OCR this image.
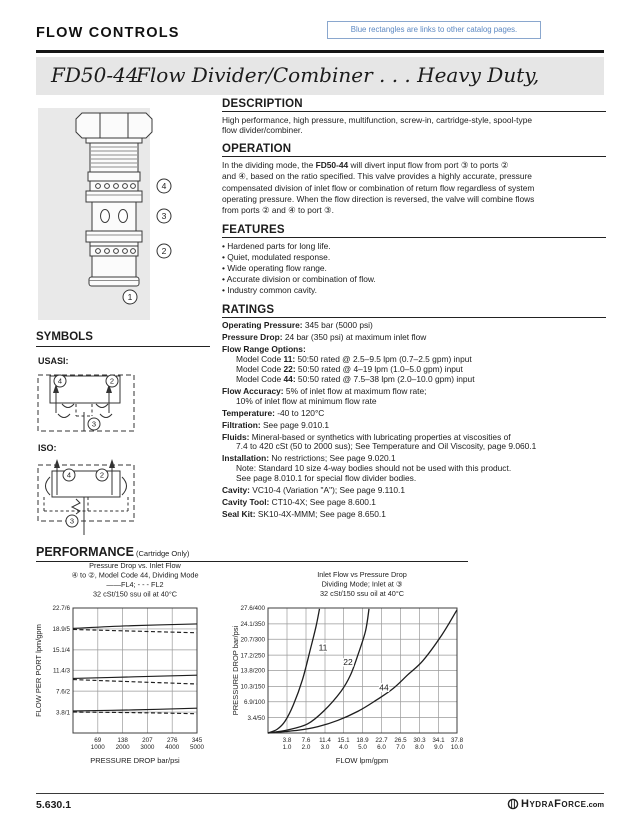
FLOW CONTROLS	Blue rectangles are links to other catalog pages.
FD50-44
Flow Divider/Combiner . . . Heavy Duty,
4
3
2
1
SYMBOLS
USASI:
4	2
3
ISO:
4	2
3
DESCRIPTION
High performance, high pressure, multifunction, screw-in, cartridge-style, spool-type
flow divider/combiner.
OPERATION
In the dividing mode, the FD50-44 will divert input flow from port ③ to ports ②
and ④, based on the ratio specified. This valve provides a highly accurate, pressure
compensated division of inlet flow or combination of return flow regardless of system
operating pressure. When the flow direction is reversed, the valve will combine flows
from ports ② and ④ to port ③.
FEATURES
• Hardened parts for long life.
• Quiet, modulated response.
• Wide operating flow range.
• Accurate division or combination of flow.
• Industry common cavity.
RATINGS
Operating Pressure: 345 bar (5000 psi)
Pressure Drop: 24 bar (350 psi) at maximum inlet flow
Flow Range Options:
Model Code 11: 50:50 rated @ 2.5–9.5 lpm (0.7–2.5 gpm) input
Model Code 22: 50:50 rated @ 4–19 lpm (1.0–5.0 gpm) input
Model Code 44: 50:50 rated @ 7.5–38 lpm (2.0–10.0 gpm) input
Flow Accuracy: 5% of inlet flow at maximum flow rate;
10% of inlet flow at minimum flow rate
Temperature: -40 to 120°C
Filtration: See page 9.010.1
Fluids: Mineral-based or synthetics with lubricating properties at viscosities of
7.4 to 420 cSt (50 to 2000 sus); See Temperature and Oil Viscosity, page 9.060.1
Installation: No restrictions; See page 9.020.1
Note: Standard 10 size 4-way bodies should not be used with this product.
See page 8.010.1 for special flow divider bodies.
Cavity: VC10-4 (Variation "A"); See page 9.110.1
Cavity Tool: CT10-4X; See page 8.600.1
Seal Kit: SK10-4X-MMM; See page 8.650.1
PERFORMANCE (Cartridge Only)
Pressure Drop vs. Inlet Flow
④ to ②, Model Code 44, Dividing Mode
——FL4; - - - FL2
32 cSt/150 ssu oil at 40°C
69
1000
138
2000
207
3000
276
4000
345
5000
22.7/6
18.9/5
15.1/4
11.4/3
7.6/2
3.8/1
PRESSURE DROP bar/psi
FLOW PER PORT lpm/gpm
Inlet Flow vs Pressure Drop
Dividing Mode; Inlet at ③
32 cSt/150 ssu oil at 40°C
3.8
1.0
7.6
2.0
11.4
3.0
15.1
4.0
18.9
5.0
22.7
6.0
26.5
7.0
30.3
8.0
34.1
9.0
37.8
10.0
27.6/400
24.1/350
20.7/300
17.2/250
13.8/200
10.3/150
6.9/100
3.4/50
FLOW lpm/gpm
PRESSURE DROP bar/psi	11
22
44
5.630.1	HydraForce .com
